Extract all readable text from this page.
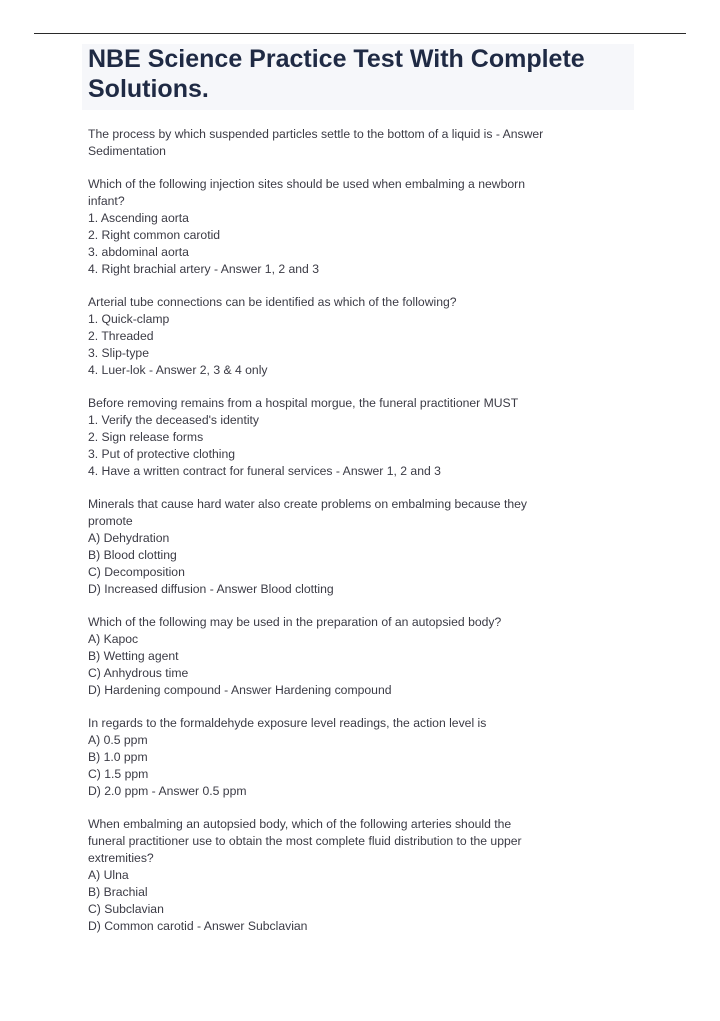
NBE Science Practice Test With Complete Solutions.
The process by which suspended particles settle to the bottom of a liquid is - Answer
Sedimentation
Which of the following injection sites should be used when embalming a newborn
infant?
1. Ascending aorta
2. Right common carotid
3. abdominal aorta
4. Right brachial artery - Answer 1, 2 and 3
Arterial tube connections can be identified as which of the following?
1. Quick-clamp
2. Threaded
3. Slip-type
4. Luer-lok - Answer 2, 3 & 4 only
Before removing remains from a hospital morgue, the funeral practitioner MUST
1. Verify the deceased's identity
2. Sign release forms
3. Put of protective clothing
4. Have a written contract for funeral services - Answer 1, 2 and 3
Minerals that cause hard water also create problems on embalming because they
promote
A) Dehydration
B) Blood clotting
C) Decomposition
D) Increased diffusion - Answer Blood clotting
Which of the following may be used in the preparation of an autopsied body?
A) Kapoc
B) Wetting agent
C) Anhydrous time
D) Hardening compound - Answer Hardening compound
In regards to the formaldehyde exposure level readings, the action level is
A) 0.5 ppm
B) 1.0 ppm
C) 1.5 ppm
D) 2.0 ppm - Answer 0.5 ppm
When embalming an autopsied body, which of the following arteries should the
funeral practitioner use to obtain the most complete fluid distribution to the upper
extremities?
A) Ulna
B) Brachial
C) Subclavian
D) Common carotid - Answer Subclavian
